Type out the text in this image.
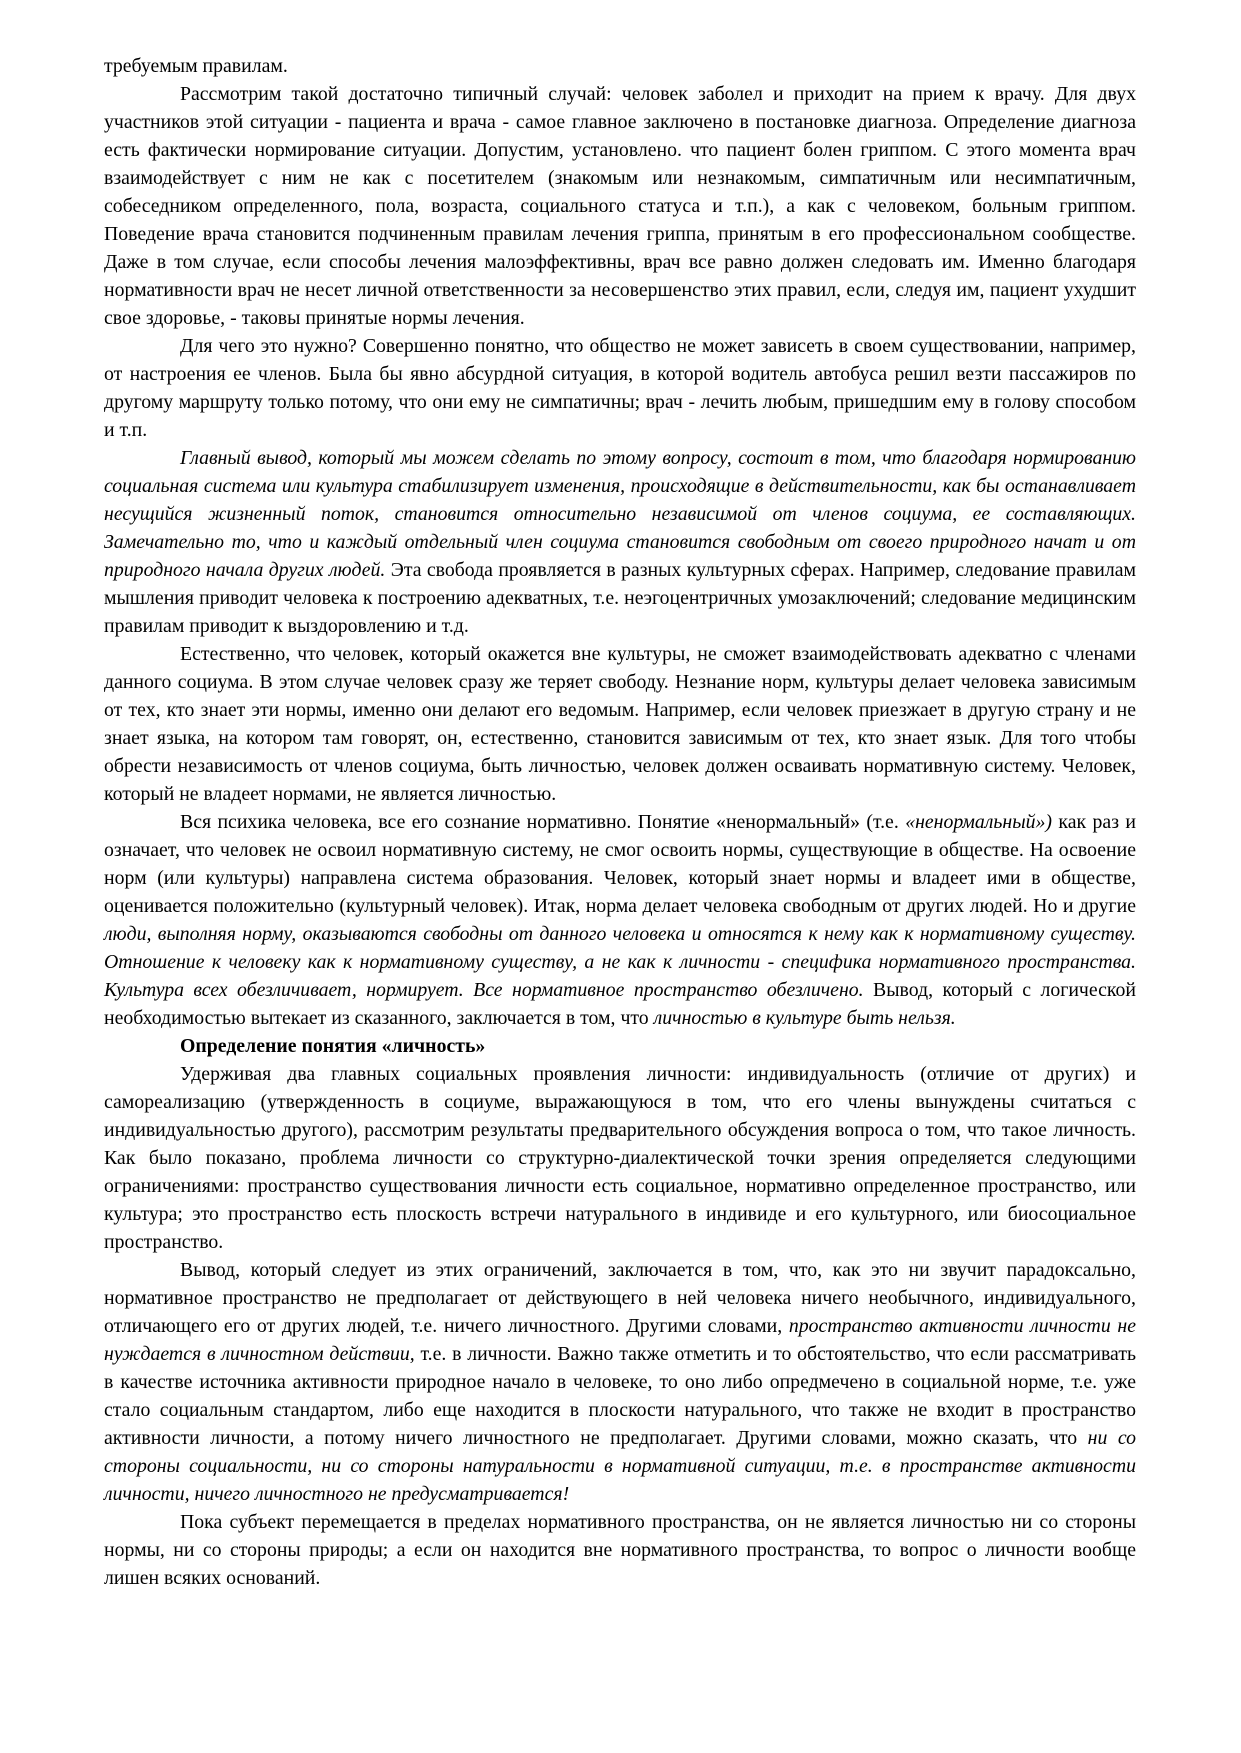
требуемым правилам.

Рассмотрим такой достаточно типичный случай: человек заболел и приходит на прием к врачу. Для двух участников этой ситуации - пациента и врача - самое главное заключено в постановке диагноза. Определение диагноза есть фактически нормирование ситуации. Допустим, установлено. что пациент болен гриппом. С этого момента врач взаимодействует с ним не как с посетителем (знакомым или незнакомым, симпатичным или несимпатичным, собеседником определенного, пола, возраста, социального статуса и т.п.), а как с человеком, больным гриппом. Поведение врача становится подчиненным правилам лечения гриппа, принятым в его профессиональном сообществе. Даже в том случае, если способы лечения малоэффективны, врач все равно должен следовать им. Именно благодаря нормативности врач не несет личной ответственности за несовершенство этих правил, если, следуя им, пациент ухудшит свое здоровье, - таковы принятые нормы лечения.

Для чего это нужно? Совершенно понятно, что общество не может зависеть в своем существовании, например, от настроения ее членов. Была бы явно абсурдной ситуация, в которой водитель автобуса решил везти пассажиров по другому маршруту только потому, что они ему не симпатичны; врач - лечить любым, пришедшим ему в голову способом и т.п.

Главный вывод, который мы можем сделать по этому вопросу, состоит в том, что благодаря нормированию социальная система или культура стабилизирует изменения, происходящие в действительности, как бы останавливает несущийся жизненный поток, становится относительно независимой от членов социума, ее составляющих. Замечательно то, что и каждый отдельный член социума становится свободным от своего природного начат и от природного начала других людей. Эта свобода проявляется в разных культурных сферах. Например, следование правилам мышления приводит человека к построению адекватных, т.е. неэгоцентричных умозаключений; следование медицинским правилам приводит к выздоровлению и т.д.

Естественно, что человек, который окажется вне культуры, не сможет взаимодействовать адекватно с членами данного социума. В этом случае человек сразу же теряет свободу. Незнание норм, культуры делает человека зависимым от тех, кто знает эти нормы, именно они делают его ведомым. Например, если человек приезжает в другую страну и не знает языка, на котором там говорят, он, естественно, становится зависимым от тех, кто знает язык. Для того чтобы обрести независимость от членов социума, быть личностью, человек должен осваивать нормативную систему. Человек, который не владеет нормами, не является личностью.

Вся психика человека, все его сознание нормативно. Понятие «ненормальный» (т.е. «ненормальный») как раз и означает, что человек не освоил нормативную систему, не смог освоить нормы, существующие в обществе. На освоение норм (или культуры) направлена система образования. Человек, который знает нормы и владеет ими в обществе, оценивается положительно (культурный человек). Итак, норма делает человека свободным от других людей. Но и другие люди, выполняя норму, оказываются свободны от данного человека и относятся к нему как к нормативному существу. Отношение к человеку как к нормативному существу, а не как к личности - специфика нормативного пространства. Культура всех обезличивает, нормирует. Все нормативное пространство обезличено. Вывод, который с логической необходимостью вытекает из сказанного, заключается в том, что личностью в культуре быть нельзя.

Определение понятия «личность»

Удерживая два главных социальных проявления личности: индивидуальность (отличие от других) и самореализацию (утвержденность в социуме, выражающуюся в том, что его члены вынуждены считаться с индивидуальностью другого), рассмотрим результаты предварительного обсуждения вопроса о том, что такое личность. Как было показано, проблема личности со структурно-диалектической точки зрения определяется следующими ограничениями: пространство существования личности есть социальное, нормативно определенное пространство, или культура; это пространство есть плоскость встречи натурального в индивиде и его культурного, или биосоциальное пространство.

Вывод, который следует из этих ограничений, заключается в том, что, как это ни звучит парадоксально, нормативное пространство не предполагает от действующего в ней человека ничего необычного, индивидуального, отличающего его от других людей, т.е. ничего личностного. Другими словами, пространство активности личности не нуждается в личностном действии, т.е. в личности. Важно также отметить и то обстоятельство, что если рассматривать в качестве источника активности природное начало в человеке, то оно либо опредмечено в социальной норме, т.е. уже стало социальным стандартом, либо еще находится в плоскости натурального, что также не входит в пространство активности личности, а потому ничего личностного не предполагает. Другими словами, можно сказать, что ни со стороны социальности, ни со стороны натуральности в нормативной ситуации, т.е. в пространстве активности личности, ничего личностного не предусматривается!

Пока субъект перемещается в пределах нормативного пространства, он не является личностью ни со стороны нормы, ни со стороны природы; а если он находится вне нормативного пространства, то вопрос о личности вообще лишен всяких оснований.
